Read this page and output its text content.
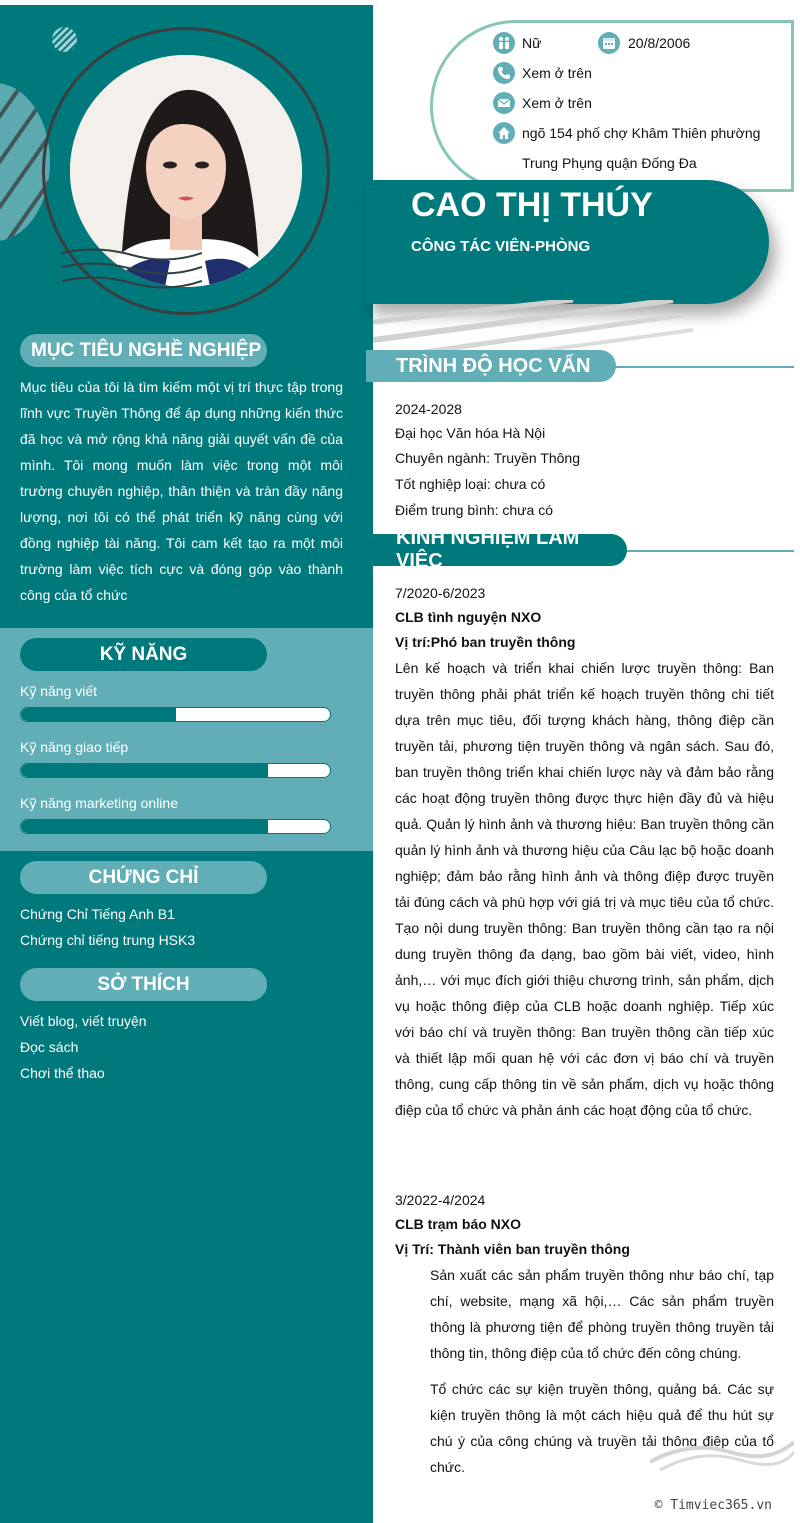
MỤC TIÊU NGHỀ NGHIỆP
Mục tiêu của tôi là tìm kiếm một vị trí thực tập trong lĩnh vực Truyền Thông để áp dụng những kiến thức đã học và mở rộng khả năng giải quyết vấn đề của mình. Tôi mong muốn làm việc trong một môi trường chuyên nghiệp, thân thiện và tràn đầy năng lượng, nơi tôi có thể phát triển kỹ năng cùng với đồng nghiệp tài năng. Tôi cam kết tạo ra một môi trường làm việc tích cực và đóng góp vào thành công của tổ chức
KỸ NĂNG
Kỹ năng viết
Kỹ năng giao tiếp
Kỹ năng marketing online
CHỨNG CHỈ
Chứng Chỉ Tiếng Anh B1
Chứng chỉ tiếng trung HSK3
SỞ THÍCH
Viết blog, viết truyện
Đọc sách
Chơi thể thao
Nữ	20/8/2006
Xem ở trên
Xem ở trên
ngõ 154 phố chợ Khâm Thiên phường
Trung Phụng quận Đống Đa
CAO THỊ THÚY
CÔNG TÁC VIÊN-PHÒNG
TRÌNH ĐỘ HỌC VẤN
2024-2028
Đại học Văn hóa Hà Nội
Chuyên ngành: Truyền Thông
Tốt nghiệp loại: chưa có
Điểm trung bình: chưa có
KINH NGHIỆM LÀM VIỆC
7/2020-6/2023
CLB tình nguyện NXO
Vị trí:Phó ban truyền thông
Lên kế hoạch và triển khai chiến lược truyền thông: Ban truyền thông phải phát triển kế hoạch truyền thông chi tiết dựa trên mục tiêu, đối tượng khách hàng, thông điệp cần truyền tải, phương tiện truyền thông và ngân sách. Sau đó, ban truyền thông triển khai chiến lược này và đảm bảo rằng các hoạt động truyền thông được thực hiện đầy đủ và hiệu quả. Quản lý hình ảnh và thương hiệu: Ban truyền thông cần quản lý hình ảnh và thương hiệu của Câu lạc bộ hoặc doanh nghiệp; đảm bảo rằng hình ảnh và thông điệp được truyền tải đúng cách và phù hợp với giá trị và mục tiêu của tổ chức. Tạo nội dung truyền thông: Ban truyền thông cần tạo ra nội dung truyền thông đa dạng, bao gồm bài viết, video, hình ảnh,… với mục đích giới thiệu chương trình, sản phẩm, dịch vụ hoặc thông điệp của CLB hoặc doanh nghiệp. Tiếp xúc với báo chí và truyền thông: Ban truyền thông cần tiếp xúc và thiết lập mối quan hệ với các đơn vị báo chí và truyền thông, cung cấp thông tin về sản phẩm, dịch vụ hoặc thông điệp của tổ chức và phản ánh các hoạt động của tổ chức.
3/2022-4/2024
CLB trạm báo NXO
Vị Trí: Thành viên ban truyền thông
Sản xuất các sản phẩm truyền thông như báo chí, tạp chí, website, mạng xã hội,… Các sản phẩm truyền thông là phương tiện để phòng truyền thông truyền tải thông tin, thông điệp của tổ chức đến công chúng.
Tổ chức các sự kiện truyền thông, quảng bá. Các sự kiện truyền thông là một cách hiệu quả để thu hút sự chú ý của công chúng và truyền tải thông điệp của tổ chức.
© Timviec365.vn
